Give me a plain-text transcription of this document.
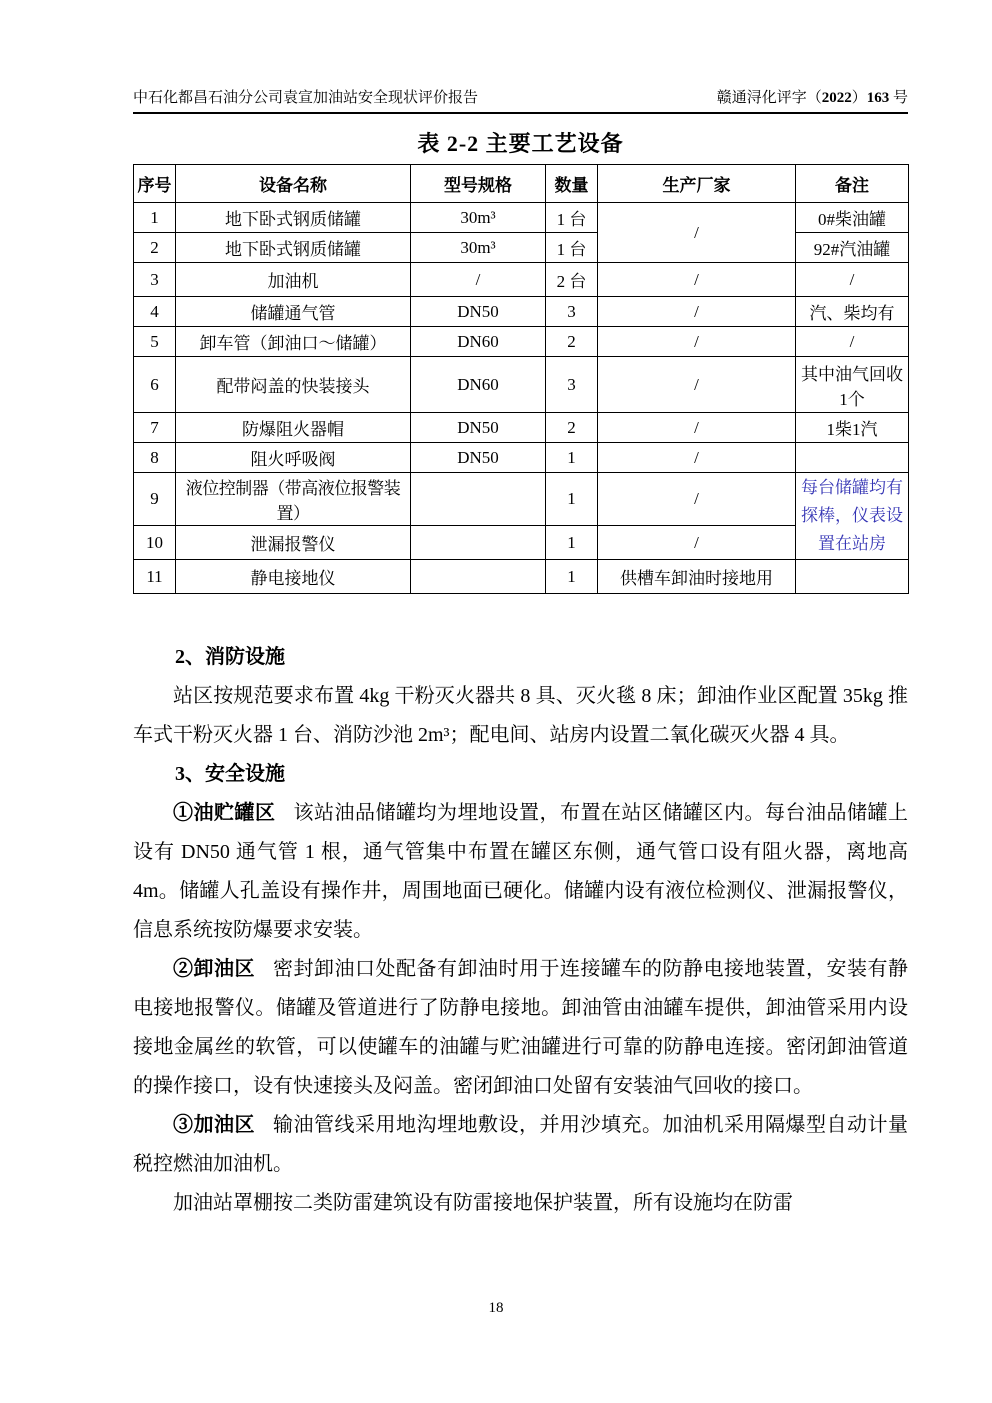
中石化都昌石油分公司袁宣加油站安全现状评价报告	赣通浔化评字（2022）163 号
表 2-2 主要工艺设备
序号	设备名称	型号规格	数量	生产厂家	备注
1	地下卧式钢质储罐	30m³	1 台	/	0#柴油罐
2	地下卧式钢质储罐	30m³	1 台		92#汽油罐
3	加油机	/	2 台	/	/
4	储罐通气管	DN50	3	/	汽、柴均有
5	卸车管（卸油口～储罐）	DN60	2	/	/
6	配带闷盖的快装接头	DN60	3	/	其中油气回收1个
7	防爆阻火器帽	DN50	2	/	1柴1汽
8	阻火呼吸阀	DN50	1	/	
9	液位控制器（带高液位报警装置）		1	/	每台储罐均有探棒，仪表设置在站房
10	泄漏报警仪		1	/	
11	静电接地仪		1	供槽车卸油时接地用	
2、消防设施

站区按规范要求布置 4kg 干粉灭火器共 8 具、灭火毯 8 床；卸油作业区配置 35kg 推车式干粉灭火器 1 台、消防沙池 2m³；配电间、站房内设置二氧化碳灭火器 4 具。

3、安全设施

①油贮罐区 该站油品储罐均为埋地设置，布置在站区储罐区内。每台油品储罐上设有 DN50 通气管 1 根，通气管集中布置在罐区东侧，通气管口设有阻火器，离地高 4m。储罐人孔盖设有操作井，周围地面已硬化。储罐内设有液位检测仪、泄漏报警仪，信息系统按防爆要求安装。

②卸油区 密封卸油口处配备有卸油时用于连接罐车的防静电接地装置，安装有静电接地报警仪。储罐及管道进行了防静电接地。卸油管由油罐车提供，卸油管采用内设接地金属丝的软管，可以使罐车的油罐与贮油罐进行可靠的防静电连接。密闭卸油管道的操作接口，设有快速接头及闷盖。密闭卸油口处留有安装油气回收的接口。

③加油区 输油管线采用地沟埋地敷设，并用沙填充。加油机采用隔爆型自动计量税控燃油加油机。

加油站罩棚按二类防雷建筑设有防雷接地保护装置，所有设施均在防雷

18
